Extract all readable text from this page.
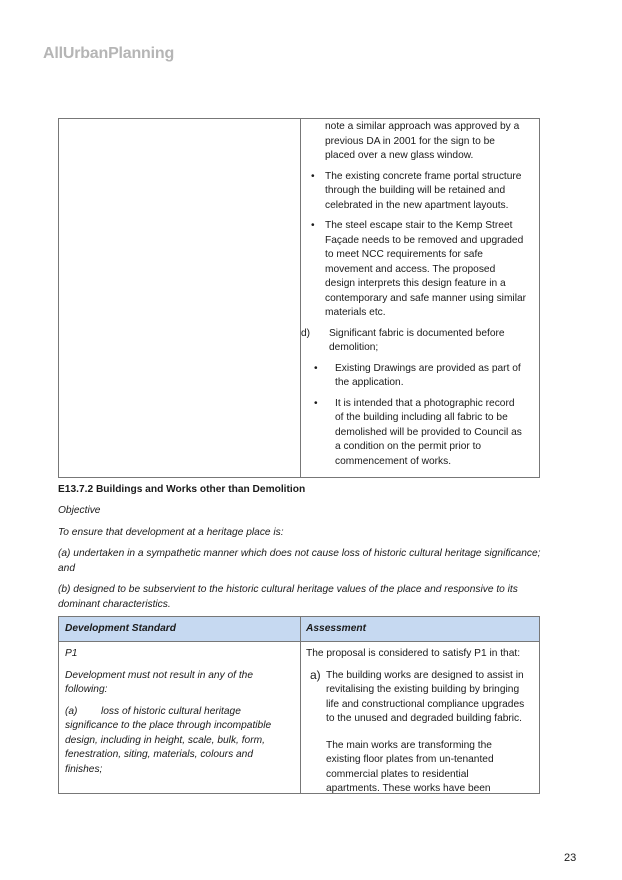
AllUrbanPlanning
note a similar approach was approved by a
previous DA in 2001 for the sign to be
placed over a new glass window.
• The existing concrete frame portal structure
through the building will be retained and
celebrated in the new apartment layouts.
• The steel escape stair to the Kemp Street
Façade needs to be removed and upgraded
to meet NCC requirements for safe
movement and access. The proposed
design interprets this design feature in a
contemporary and safe manner using similar
materials etc.
d) Significant fabric is documented before
demolition;
• Existing Drawings are provided as part of
the application.
• It is intended that a photographic record
of the building including all fabric to be
demolished will be provided to Council as
a condition on the permit prior to
commencement of works.
E13.7.2 Buildings and Works other than Demolition
Objective
To ensure that development at a heritage place is:
(a) undertaken in a sympathetic manner which does not cause loss of historic cultural heritage significance;
and
(b) designed to be subservient to the historic cultural heritage values of the place and responsive to its
dominant characteristics.
Development Standard	Assessment
P1
Development must not result in any of the
following:
(a) loss of historic cultural heritage
significance to the place through incompatible
design, including in height, scale, bulk, form,
fenestration, siting, materials, colours and
finishes;
The proposal is considered to satisfy P1 in that:
a) The building works are designed to assist in
revitalising the existing building by bringing
life and constructional compliance upgrades
to the unused and degraded building fabric.
The main works are transforming the
existing floor plates from un-tenanted
commercial plates to residential
apartments. These works have been
23
